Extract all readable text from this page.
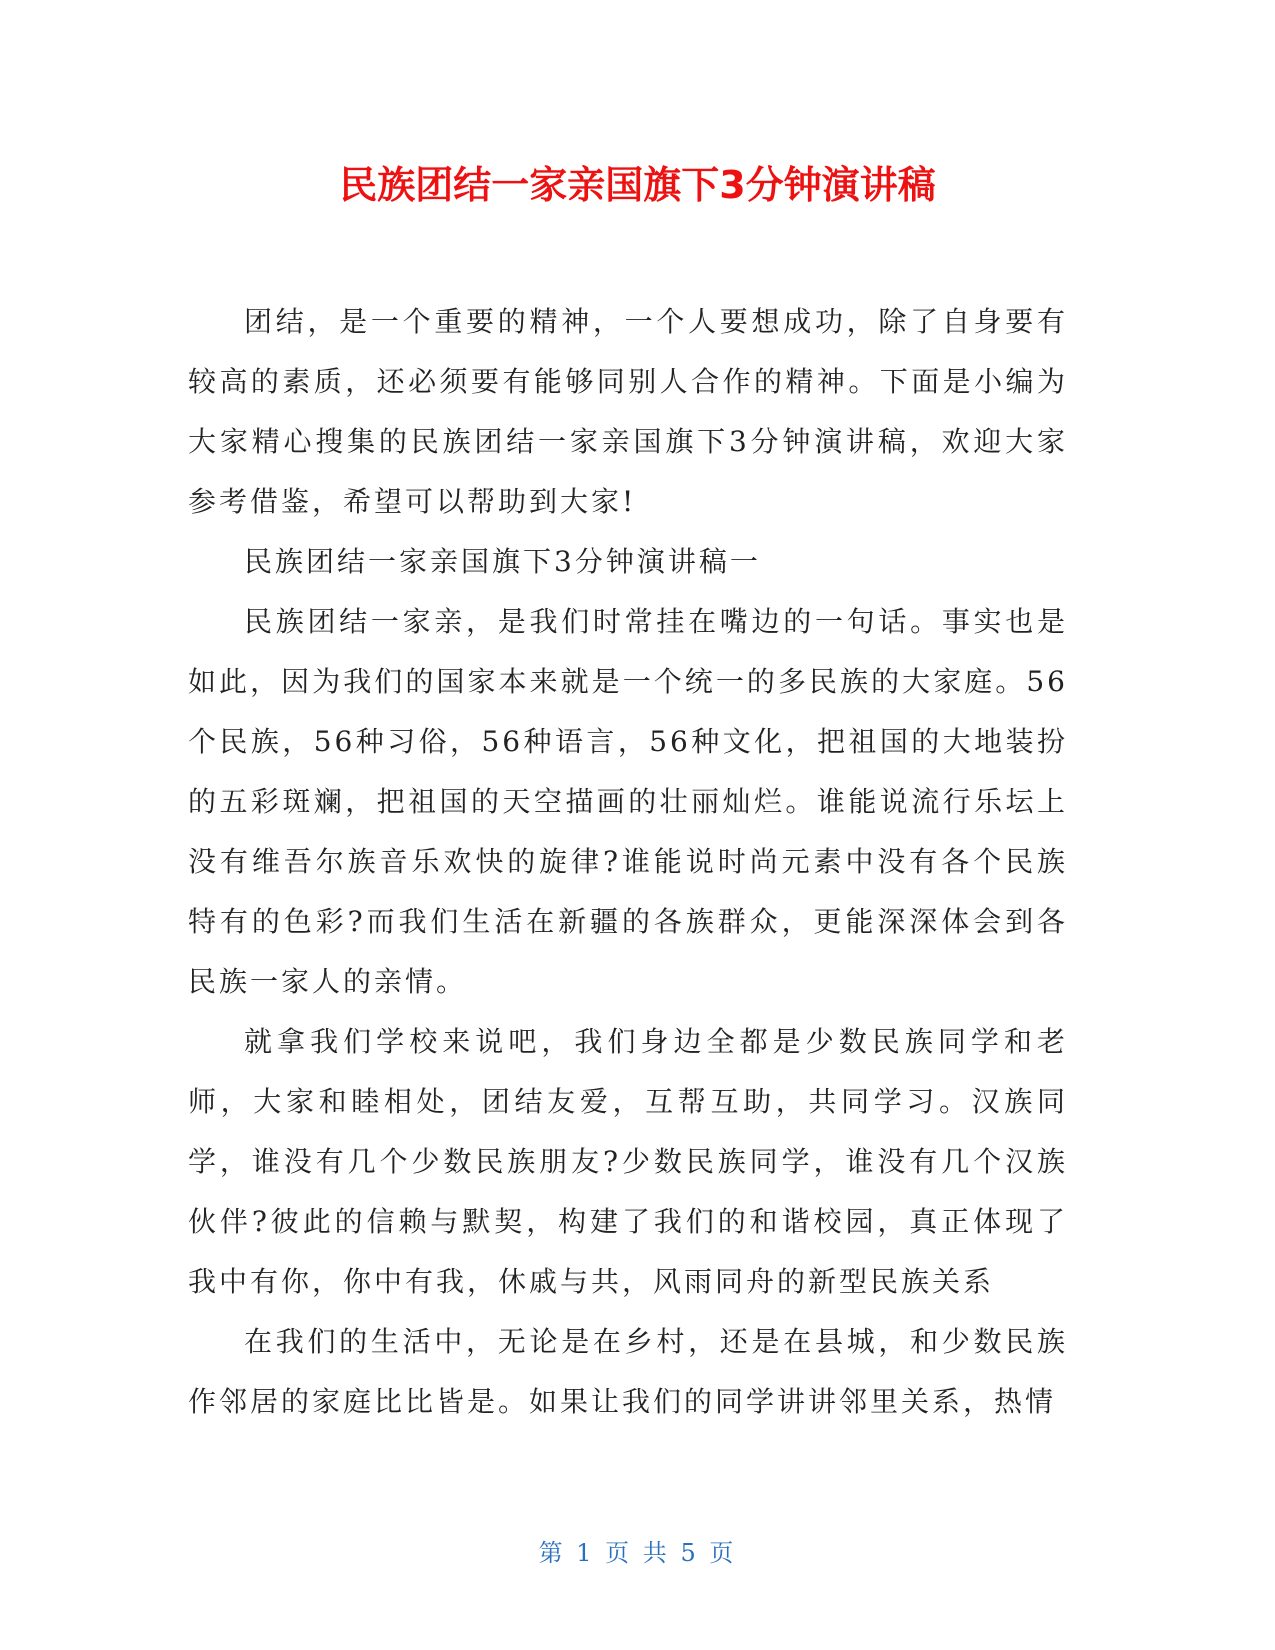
民族团结一家亲国旗下3分钟演讲稿

团结，是一个重要的精神，一个人要想成功，除了自身要有较高的素质，还必须要有能够同别人合作的精神。下面是小编为大家精心搜集的民族团结一家亲国旗下3分钟演讲稿，欢迎大家参考借鉴，希望可以帮助到大家!

民族团结一家亲国旗下3分钟演讲稿一

民族团结一家亲，是我们时常挂在嘴边的一句话。事实也是如此，因为我们的国家本来就是一个统一的多民族的大家庭。56个民族，56种习俗，56种语言，56种文化，把祖国的大地装扮的五彩斑斓，把祖国的天空描画的壮丽灿烂。谁能说流行乐坛上没有维吾尔族音乐欢快的旋律?谁能说时尚元素中没有各个民族特有的色彩?而我们生活在新疆的各族群众，更能深深体会到各民族一家人的亲情。

就拿我们学校来说吧，我们身边全都是少数民族同学和老师，大家和睦相处，团结友爱，互帮互助，共同学习。汉族同学，谁没有几个少数民族朋友?少数民族同学，谁没有几个汉族伙伴?彼此的信赖与默契，构建了我们的和谐校园，真正体现了我中有你，你中有我，休戚与共，风雨同舟的新型民族关系

在我们的生活中，无论是在乡村，还是在县城，和少数民族作邻居的家庭比比皆是。如果让我们的同学讲讲邻里关系，热情

第 1 页 共 5 页
